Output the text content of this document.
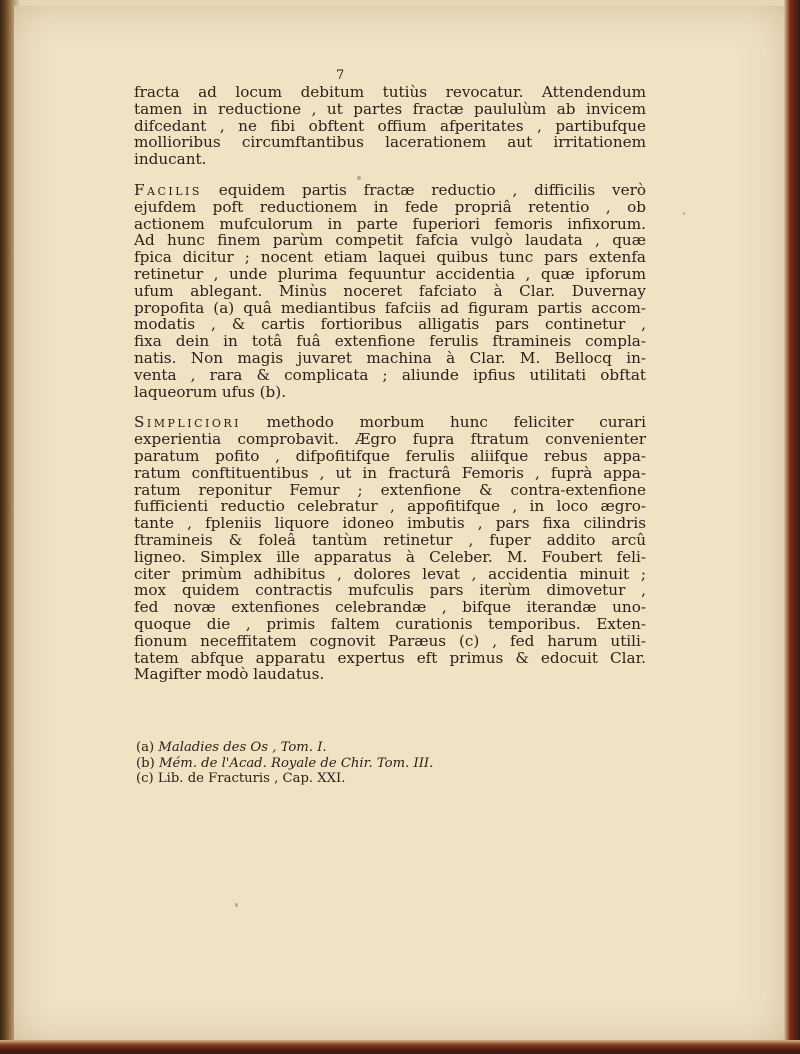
7

fracta ad locum debitum tutiùs revocatur. Attendendum
tamen in reductione , ut partes fractæ paululùm ab invicem
difcedant , ne fibi obftent offium afperitates , partibufque
mollioribus circumftantibus lacerationem aut irritationem
inducant.

Facilis equidem partis fractæ reductio , difficilis verò
ejufdem poft reductionem in fede propriâ retentio , ob
actionem mufculorum in parte fuperiori femoris infixorum.
Ad hunc finem parùm competit fafcia vulgò laudata , quæ
fpica dicitur ; nocent etiam laquei quibus tunc pars extenfa
retinetur , unde plurima fequuntur accidentia , quæ ipforum
ufum ablegant. Minùs noceret fafciato à Clar. Duvernay
propofita (a) quâ mediantibus fafciis ad figuram partis accom-
modatis , & cartis fortioribus alligatis pars continetur ,
fixa dein in totâ fuâ extenfione ferulis ftramineis compla-
natis. Non magis juvaret machina à Clar. M. Bellocq in-
venta , rara & complicata ; aliunde ipfius utilitati obftat
laqueorum ufus (b).

Simpliciori methodo morbum hunc feliciter curari
experientia comprobavit. Ægro fupra ftratum convenienter
paratum pofito , difpofitifque ferulis aliifque rebus appa-
ratum conftituentibus , ut in fracturâ Femoris , fuprà appa-
ratum reponitur Femur ; extenfione & contra-extenfione
fufficienti reductio celebratur , appofitifque , in loco ægro-
tante , fpleniis liquore idoneo imbutis , pars fixa cilindris
ftramineis & foleâ tantùm retinetur , fuper addito arcû
ligneo. Simplex ille apparatus à Celeber. M. Foubert feli-
citer primùm adhibitus , dolores levat , accidentia minuit ;
mox quidem contractis mufculis pars iterùm dimovetur ,
fed novæ extenfiones celebrandæ , bifque iterandæ uno-
quoque die , primis faltem curationis temporibus. Exten-
fionum neceffitatem cognovit Paræus (c) , fed harum utili-
tatem abfque apparatu expertus eft primus & edocuit Clar.
Magifter modò laudatus.

(a) Maladies des Os , Tom. I.
(b) Mém. de l'Acad. Royale de Chir. Tom. III.
(c) Lib. de Fracturis , Cap. XXI.
